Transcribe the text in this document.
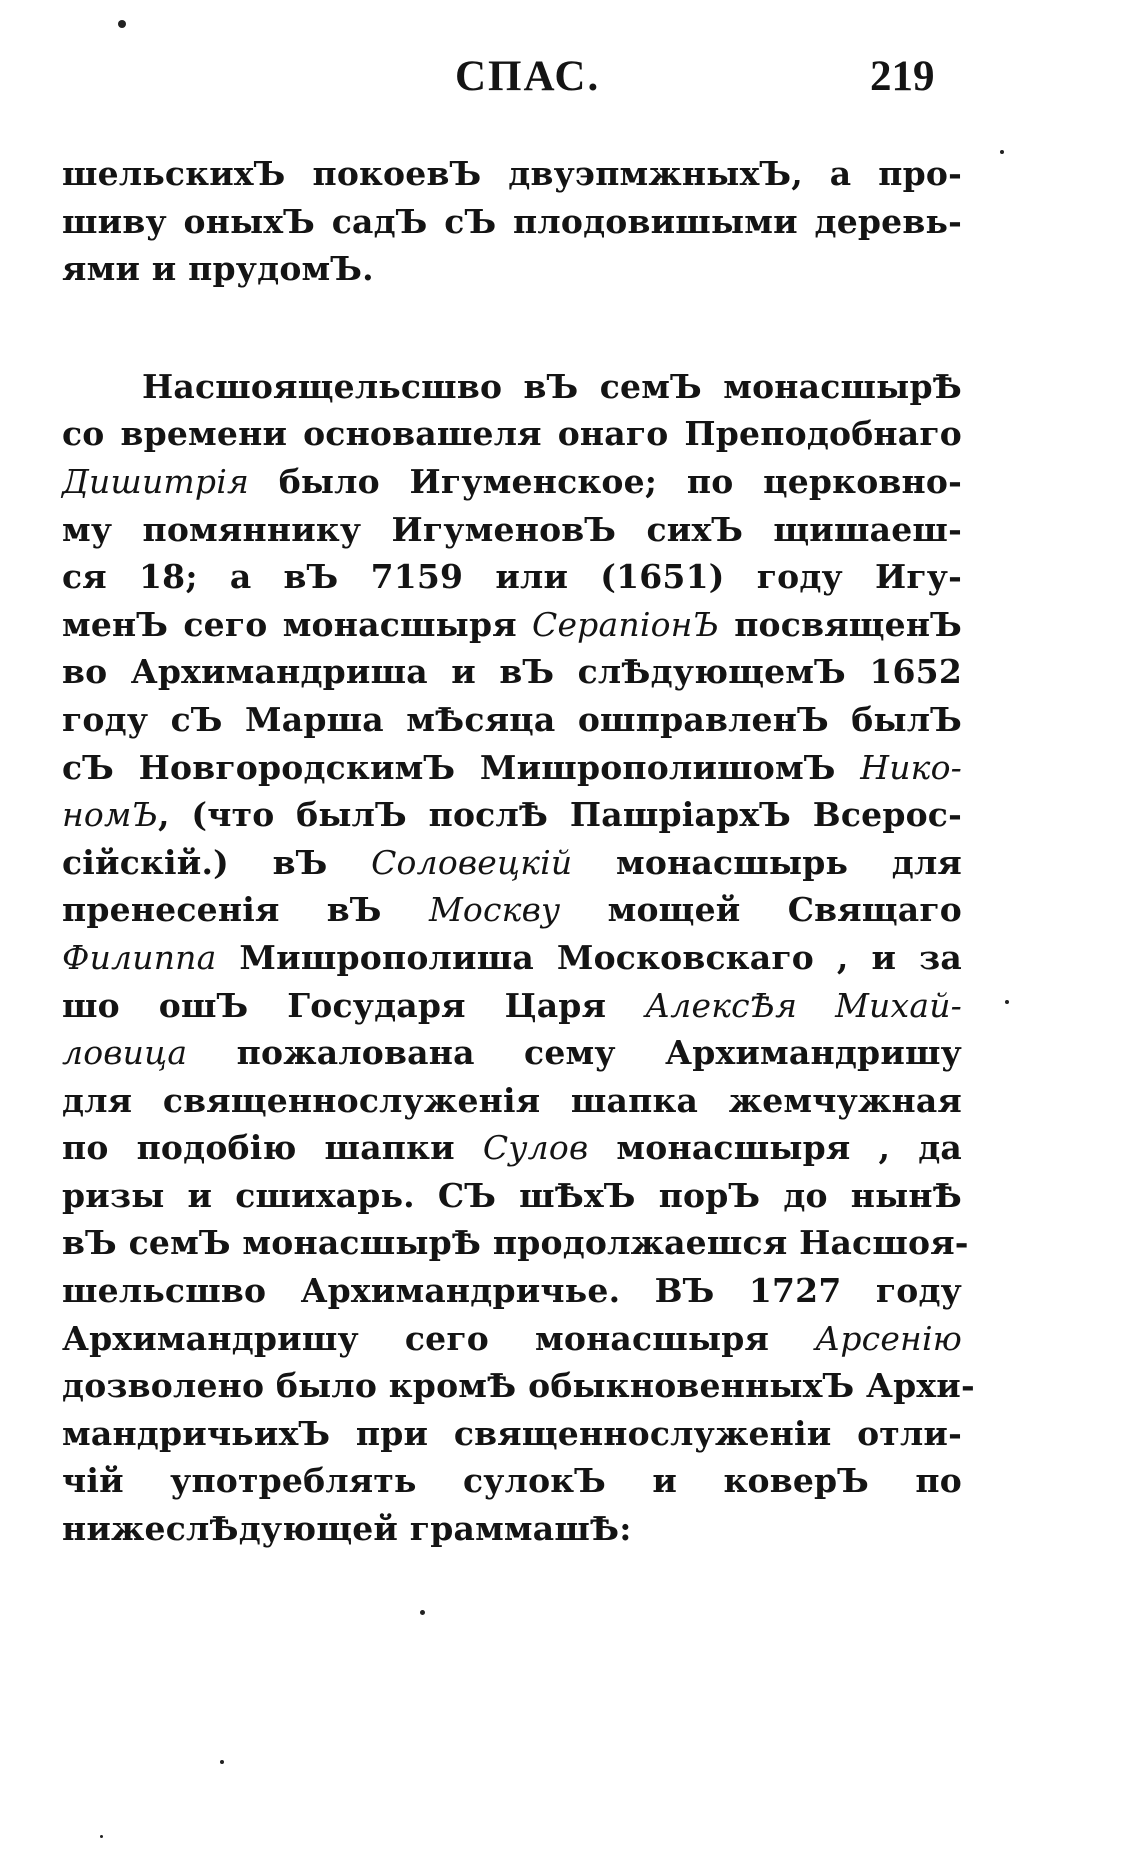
СПАС.	219
шельскихЪ покоевЪ двуэпмжныхЪ, а про-
шиву оныхЪ садЪ сЪ плодовишыми деревь-
ями и прудомЪ.
Насшоящельсшво вЪ семЪ монасшырѢ
со времени основашеля онаго Преподобнаго
Дишитрія было Игуменское; по церковно-
му помяннику ИгуменовЪ сихЪ щишаеш-
ся 18; а вЪ 7159 или (1651) году Игу-
менЪ сего монасшыря СерапіонЪ посвященЪ
во Архимандриша и вЪ слѢдующемЪ 1652
году сЪ Марша мѢсяца ошправленЪ былЪ
сЪ НовгородскимЪ МишрополишомЪ Нико-
номЪ, (что былЪ послѢ ПашріархЪ Всерос-
сійскій.) вЪ Соловецкій монасшырь для
пренесенія вЪ Москву мощей Свящаго
Филиппа Мишрополиша Московскаго , и за
шо ошЪ Государя Царя АлексѢя Михай-
ловица пожалована сему Архимандришу
для священнослуженія шапка жемчужная
по подобію шапки Сулов монасшыря , да
ризы и сшихарь. СЪ шѢхЪ порЪ до нынѢ
вЪ семЪ монасшырѢ продолжаешся Насшоя-
шельсшво Архимандричье. ВЪ 1727 году
Архимандришу сего монасшыря Арсенію
дозволено было кромѢ обыкновенныхЪ Архи-
мандричьихЪ при священнослуженіи отли-
чій употреблять сулокЪ и коверЪ по
нижеслѢдующей граммашѢ:
